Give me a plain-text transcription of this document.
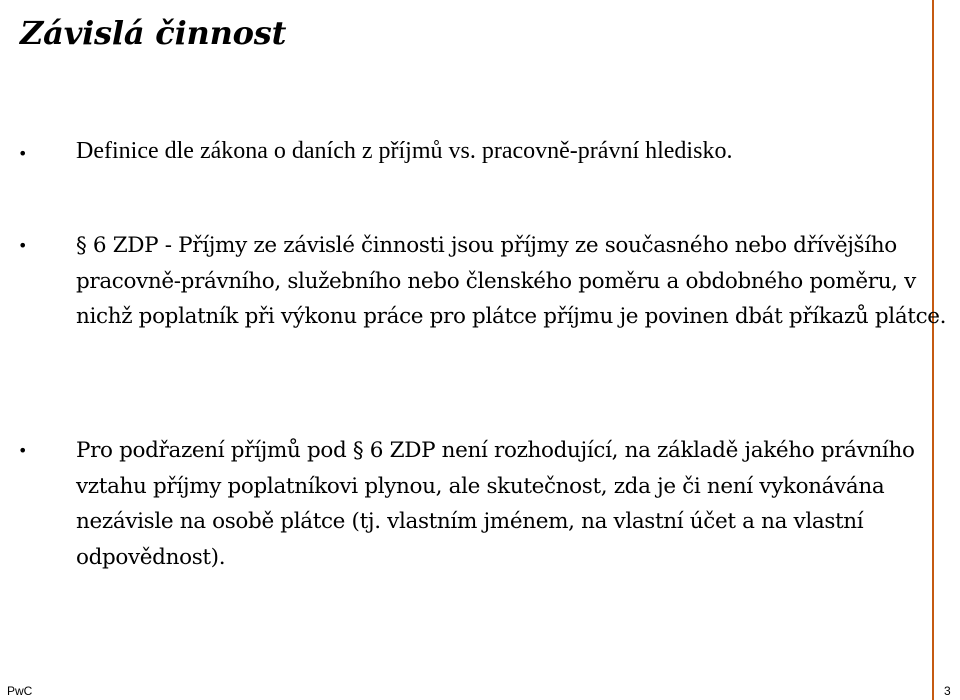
Závislá činnost
• Definice dle zákona o daních z příjmů vs. pracovně-právní hledisko.
• § 6 ZDP - Příjmy ze závislé činnosti jsou příjmy ze současného nebo dřívějšího pracovně-právního, služebního nebo členského poměru a obdobného poměru, v nichž poplatník při výkonu práce pro plátce příjmu je povinen dbát příkazů plátce.
• Pro podřazení příjmů pod § 6 ZDP není rozhodující, na základě jakého právního vztahu příjmy poplatníkovi plynou, ale skutečnost, zda je či není vykonávána nezávisle na osobě plátce (tj. vlastním jménem, na vlastní účet a na vlastní odpovědnost).
PwC	3
